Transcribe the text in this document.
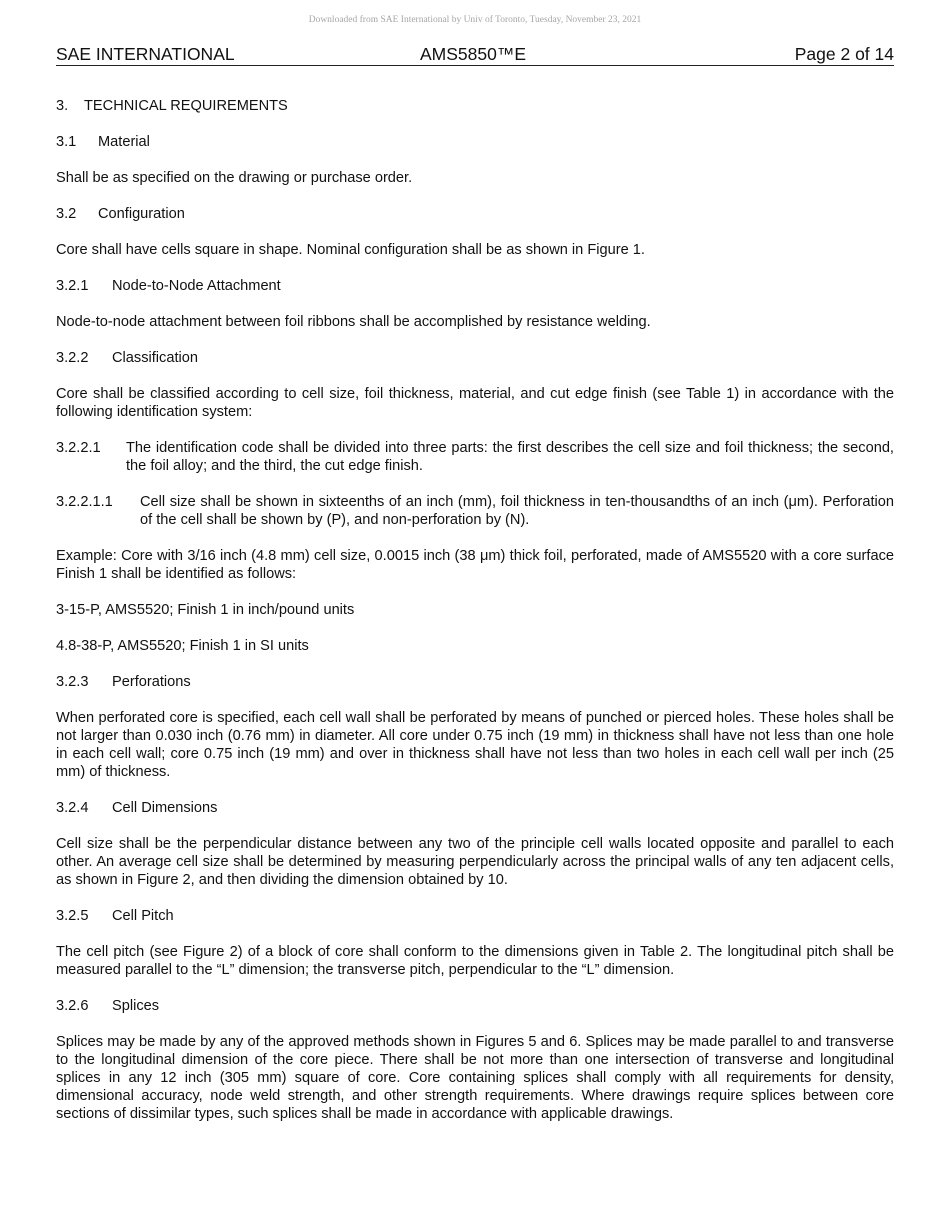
Downloaded from SAE International by Univ of Toronto, Tuesday, November 23, 2021
SAE INTERNATIONAL	AMS5850™E	Page 2 of 14
3.	TECHNICAL REQUIREMENTS
3.1	Material

Shall be as specified on the drawing or purchase order.

3.2	Configuration

Core shall have cells square in shape. Nominal configuration shall be as shown in Figure 1.

3.2.1	Node-to-Node Attachment

Node-to-node attachment between foil ribbons shall be accomplished by resistance welding.

3.2.2	Classification

Core shall be classified according to cell size, foil thickness, material, and cut edge finish (see Table 1) in accordance with the following identification system:

3.2.2.1	The identification code shall be divided into three parts: the first describes the cell size and foil thickness; the second, the foil alloy; and the third, the cut edge finish.
3.2.2.1.1	Cell size shall be shown in sixteenths of an inch (mm), foil thickness in ten-thousandths of an inch (μm). Perforation of the cell shall be shown by (P), and non-perforation by (N).

Example: Core with 3/16 inch (4.8 mm) cell size, 0.0015 inch (38 μm) thick foil, perforated, made of AMS5520 with a core surface Finish 1 shall be identified as follows:

3-15-P, AMS5520; Finish 1 in inch/pound units

4.8-38-P, AMS5520; Finish 1 in SI units

3.2.3	Perforations

When perforated core is specified, each cell wall shall be perforated by means of punched or pierced holes. These holes shall be not larger than 0.030 inch (0.76 mm) in diameter. All core under 0.75 inch (19 mm) in thickness shall have not less than one hole in each cell wall; core 0.75 inch (19 mm) and over in thickness shall have not less than two holes in each cell wall per inch (25 mm) of thickness.

3.2.4	Cell Dimensions

Cell size shall be the perpendicular distance between any two of the principle cell walls located opposite and parallel to each other. An average cell size shall be determined by measuring perpendicularly across the principal walls of any ten adjacent cells, as shown in Figure 2, and then dividing the dimension obtained by 10.

3.2.5	Cell Pitch

The cell pitch (see Figure 2) of a block of core shall conform to the dimensions given in Table 2. The longitudinal pitch shall be measured parallel to the “L” dimension; the transverse pitch, perpendicular to the “L” dimension.

3.2.6	Splices

Splices may be made by any of the approved methods shown in Figures 5 and 6. Splices may be made parallel to and transverse to the longitudinal dimension of the core piece. There shall be not more than one intersection of transverse and longitudinal splices in any 12 inch (305 mm) square of core. Core containing splices shall comply with all requirements for density, dimensional accuracy, node weld strength, and other strength requirements. Where drawings require splices between core sections of dissimilar types, such splices shall be made in accordance with applicable drawings.
